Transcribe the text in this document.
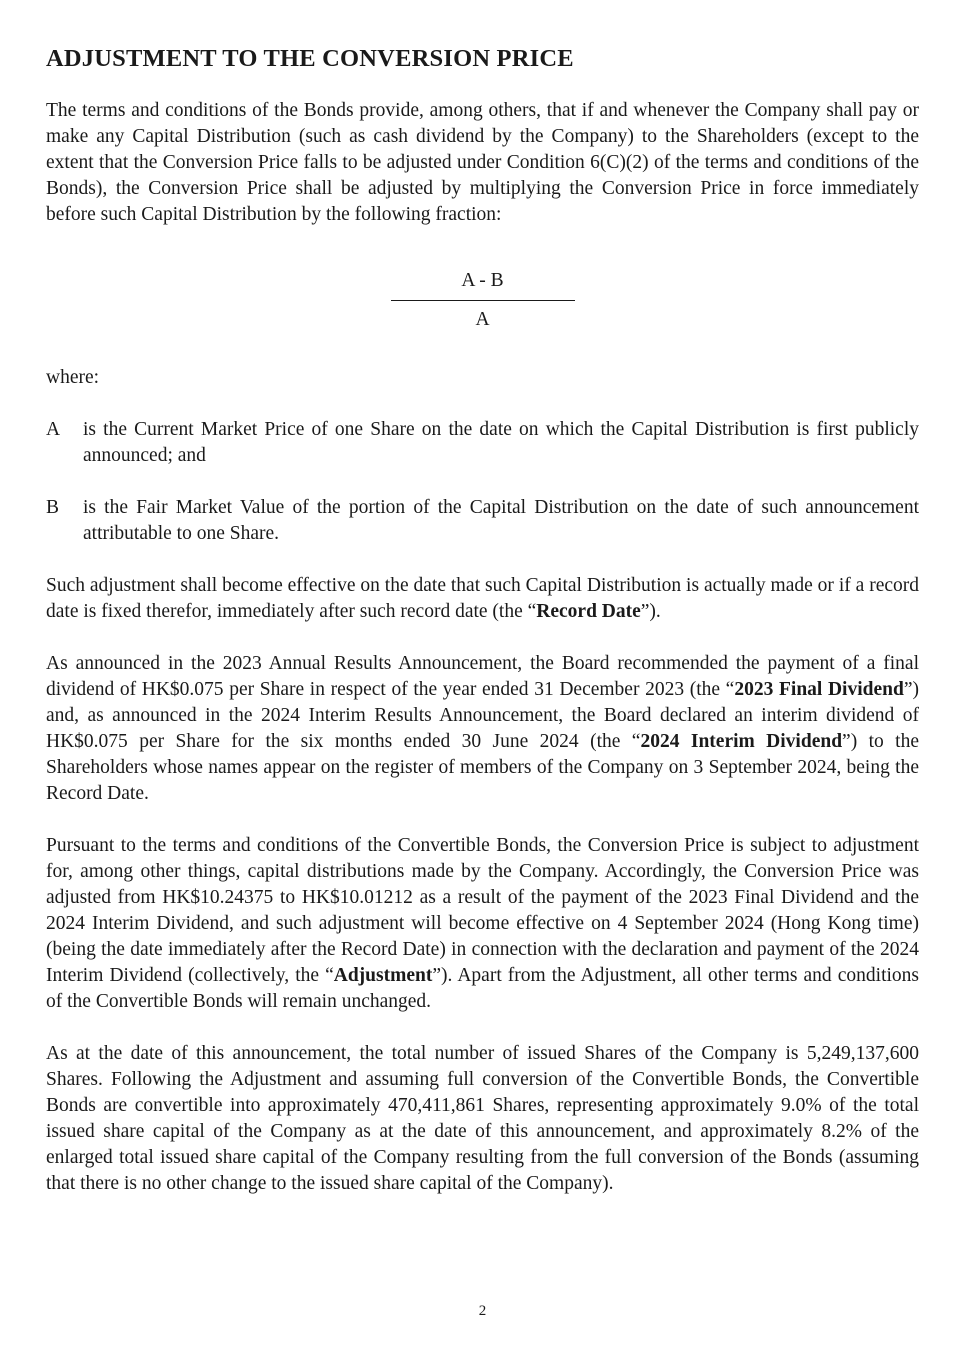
ADJUSTMENT TO THE CONVERSION PRICE

The terms and conditions of the Bonds provide, among others, that if and whenever the Company shall pay or make any Capital Distribution (such as cash dividend by the Company) to the Shareholders (except to the extent that the Conversion Price falls to be adjusted under Condition 6(C)(2) of the terms and conditions of the Bonds), the Conversion Price shall be adjusted by multiplying the Conversion Price in force immediately before such Capital Distribution by the following fraction:

A - B
A

where:

A	is the Current Market Price of one Share on the date on which the Capital Distribution is first publicly announced; and
B	is the Fair Market Value of the portion of the Capital Distribution on the date of such announcement attributable to one Share.

Such adjustment shall become effective on the date that such Capital Distribution is actually made or if a record date is fixed therefor, immediately after such record date (the “Record Date”).

As announced in the 2023 Annual Results Announcement, the Board recommended the payment of a final dividend of HK$0.075 per Share in respect of the year ended 31 December 2023 (the “2023 Final Dividend”) and, as announced in the 2024 Interim Results Announcement, the Board declared an interim dividend of HK$0.075 per Share for the six months ended 30 June 2024 (the “2024 Interim Dividend”) to the Shareholders whose names appear on the register of members of the Company on 3 September 2024, being the Record Date.

Pursuant to the terms and conditions of the Convertible Bonds, the Conversion Price is subject to adjustment for, among other things, capital distributions made by the Company. Accordingly, the Conversion Price was adjusted from HK$10.24375 to HK$10.01212 as a result of the payment of the 2023 Final Dividend and the 2024 Interim Dividend, and such adjustment will become effective on 4 September 2024 (Hong Kong time) (being the date immediately after the Record Date) in connection with the declaration and payment of the 2024 Interim Dividend (collectively, the “Adjustment”). Apart from the Adjustment, all other terms and conditions of the Convertible Bonds will remain unchanged.

As at the date of this announcement, the total number of issued Shares of the Company is 5,249,137,600 Shares. Following the Adjustment and assuming full conversion of the Convertible Bonds, the Convertible Bonds are convertible into approximately 470,411,861 Shares, representing approximately 9.0% of the total issued share capital of the Company as at the date of this announcement, and approximately 8.2% of the enlarged total issued share capital of the Company resulting from the full conversion of the Bonds (assuming that there is no other change to the issued share capital of the Company).

2
